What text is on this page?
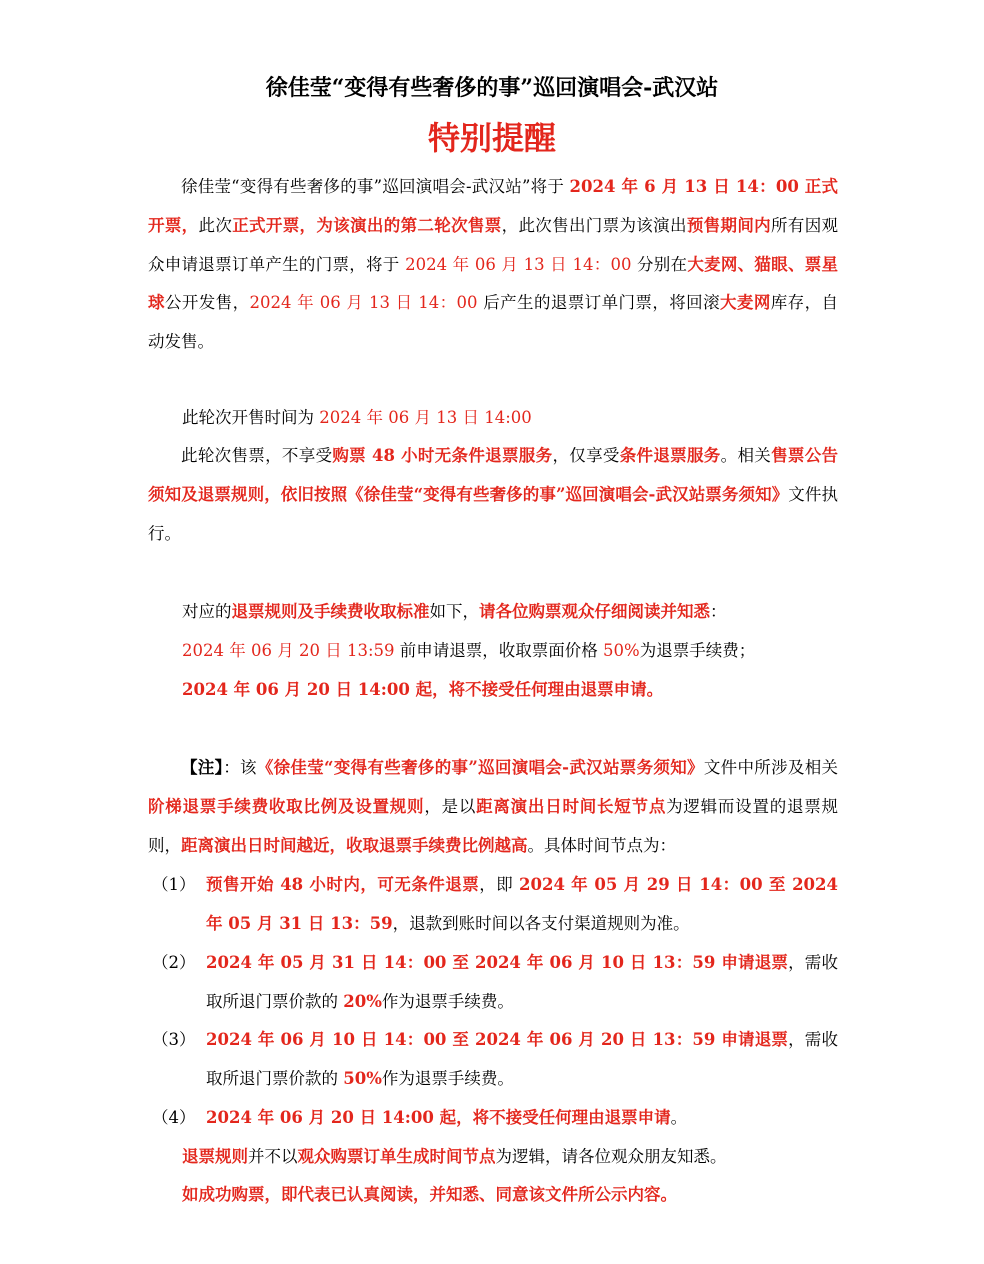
徐佳莹“变得有些奢侈的事”巡回演唱会-武汉站
特别提醒
徐佳莹“变得有些奢侈的事”巡回演唱会-武汉站”将于 2024 年 6 月 13 日 14：00 正式开票，此次正式开票，为该演出的第二轮次售票，此次售出门票为该演出预售期间内所有因观众申请退票订单产生的门票，将于 2024 年 06 月 13 日 14：00 分别在大麦网、猫眼、票星球公开发售，2024 年 06 月 13 日 14：00 后产生的退票订单门票，将回滚大麦网库存，自动发售。
此轮次开售时间为 2024 年 06 月 13 日 14:00
此轮次售票，不享受购票 48 小时无条件退票服务，仅享受条件退票服务。相关售票公告须知及退票规则，依旧按照《徐佳莹“变得有些奢侈的事”巡回演唱会-武汉站票务须知》文件执行。
对应的退票规则及手续费收取标准如下，请各位购票观众仔细阅读并知悉：
2024 年 06 月 20 日 13:59 前申请退票，收取票面价格 50%为退票手续费；
2024 年 06 月 20 日 14:00 起，将不接受任何理由退票申请。
【注】：该《徐佳莹“变得有些奢侈的事”巡回演唱会-武汉站票务须知》文件中所涉及相关阶梯退票手续费收取比例及设置规则，是以距离演出日时间长短节点为逻辑而设置的退票规则，距离演出日时间越近，收取退票手续费比例越高。具体时间节点为：
（1） 预售开始 48 小时内，可无条件退票，即 2024 年 05 月 29 日 14：00 至 2024 年 05 月 31 日 13：59，退款到账时间以各支付渠道规则为准。
（2） 2024 年 05 月 31 日 14：00 至 2024 年 06 月 10 日 13：59 申请退票，需收取所退门票价款的 20%作为退票手续费。
（3） 2024 年 06 月 10 日 14：00 至 2024 年 06 月 20 日 13：59 申请退票，需收取所退门票价款的 50%作为退票手续费。
（4） 2024 年 06 月 20 日 14:00 起，将不接受任何理由退票申请。
退票规则并不以观众购票订单生成时间节点为逻辑，请各位观众朋友知悉。
如成功购票，即代表已认真阅读，并知悉、同意该文件所公示内容。
